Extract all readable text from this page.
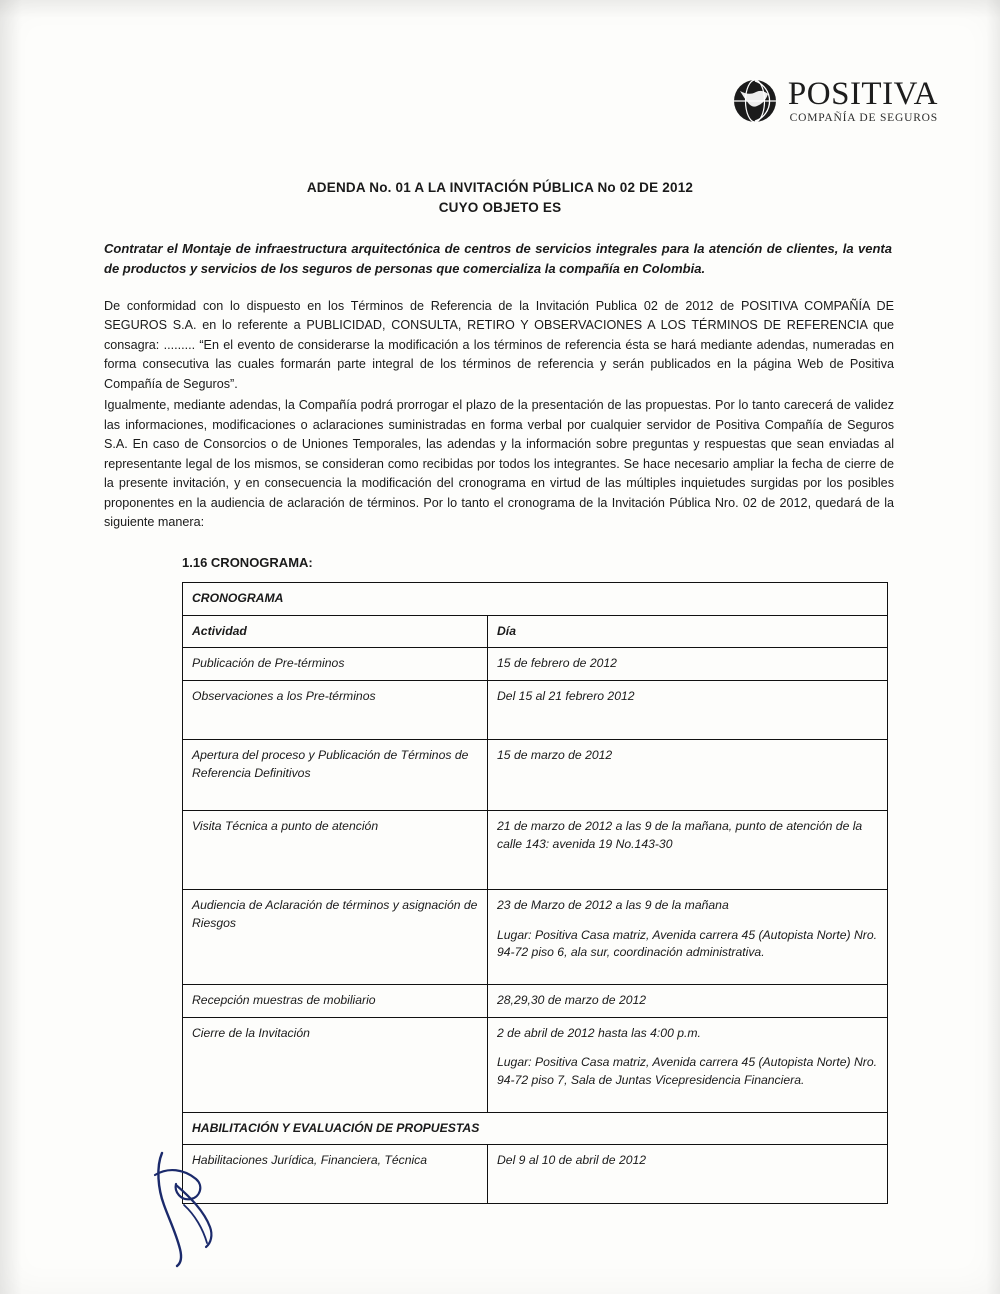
POSITIVA
COMPAÑÍA DE SEGUROS
ADENDA No. 01 A LA INVITACIÓN PÚBLICA No 02 DE 2012
CUYO OBJETO ES
Contratar el Montaje de infraestructura arquitectónica de centros de servicios integrales para la atención de clientes, la venta de productos y servicios de los seguros de personas que comercializa la compañía en Colombia.
De conformidad con lo dispuesto en los Términos de Referencia de la Invitación Publica 02 de 2012 de POSITIVA COMPAÑÍA DE SEGUROS S.A. en lo referente a PUBLICIDAD, CONSULTA, RETIRO Y OBSERVACIONES A LOS TÉRMINOS DE REFERENCIA que consagra: ......... “En el evento de considerarse la modificación a los términos de referencia ésta se hará mediante adendas, numeradas en forma consecutiva las cuales formarán parte integral de los términos de referencia y serán publicados en la página Web de Positiva Compañía de Seguros”.
Igualmente, mediante adendas, la Compañía podrá prorrogar el plazo de la presentación de las propuestas. Por lo tanto carecerá de validez las informaciones, modificaciones o aclaraciones suministradas en forma verbal por cualquier servidor de Positiva Compañía de Seguros S.A. En caso de Consorcios o de Uniones Temporales, las adendas y la información sobre preguntas y respuestas que sean enviadas al representante legal de los mismos, se consideran como recibidas por todos los integrantes. Se hace necesario ampliar la fecha de cierre de la presente invitación, y en consecuencia la modificación del cronograma en virtud de las múltiples inquietudes surgidas por los posibles proponentes en la audiencia de aclaración de términos. Por lo tanto el cronograma de la Invitación Pública Nro. 02 de 2012, quedará de la siguiente manera:
1.16 CRONOGRAMA:
CRONOGRAMA	
Actividad	Día
Publicación de Pre-términos	15 de febrero de 2012
Observaciones a los Pre-términos	Del 15 al 21 febrero 2012
Apertura del proceso y Publicación de Términos de Referencia Definitivos	15 de marzo de 2012
Visita Técnica a punto de atención	21 de marzo de 2012 a las 9 de la mañana, punto de atención de la calle 143: avenida 19 No.143-30
Audiencia de Aclaración de términos y asignación de Riesgos	23 de Marzo de 2012 a las 9 de la mañana
Lugar: Positiva Casa matriz, Avenida carrera 45 (Autopista Norte) Nro. 94-72 piso 6, ala sur, coordinación administrativa.

Recepción muestras de mobiliario	28,29,30 de marzo de 2012
Cierre de la Invitación	2 de abril de 2012 hasta las 4:00 p.m.
Lugar: Positiva Casa matriz, Avenida carrera 45 (Autopista Norte) Nro. 94-72 piso 7, Sala de Juntas Vicepresidencia Financiera.

HABILITACIÓN Y EVALUACIÓN DE PROPUESTAS	
Habilitaciones Jurídica, Financiera, Técnica	Del 9 al 10 de abril de 2012
